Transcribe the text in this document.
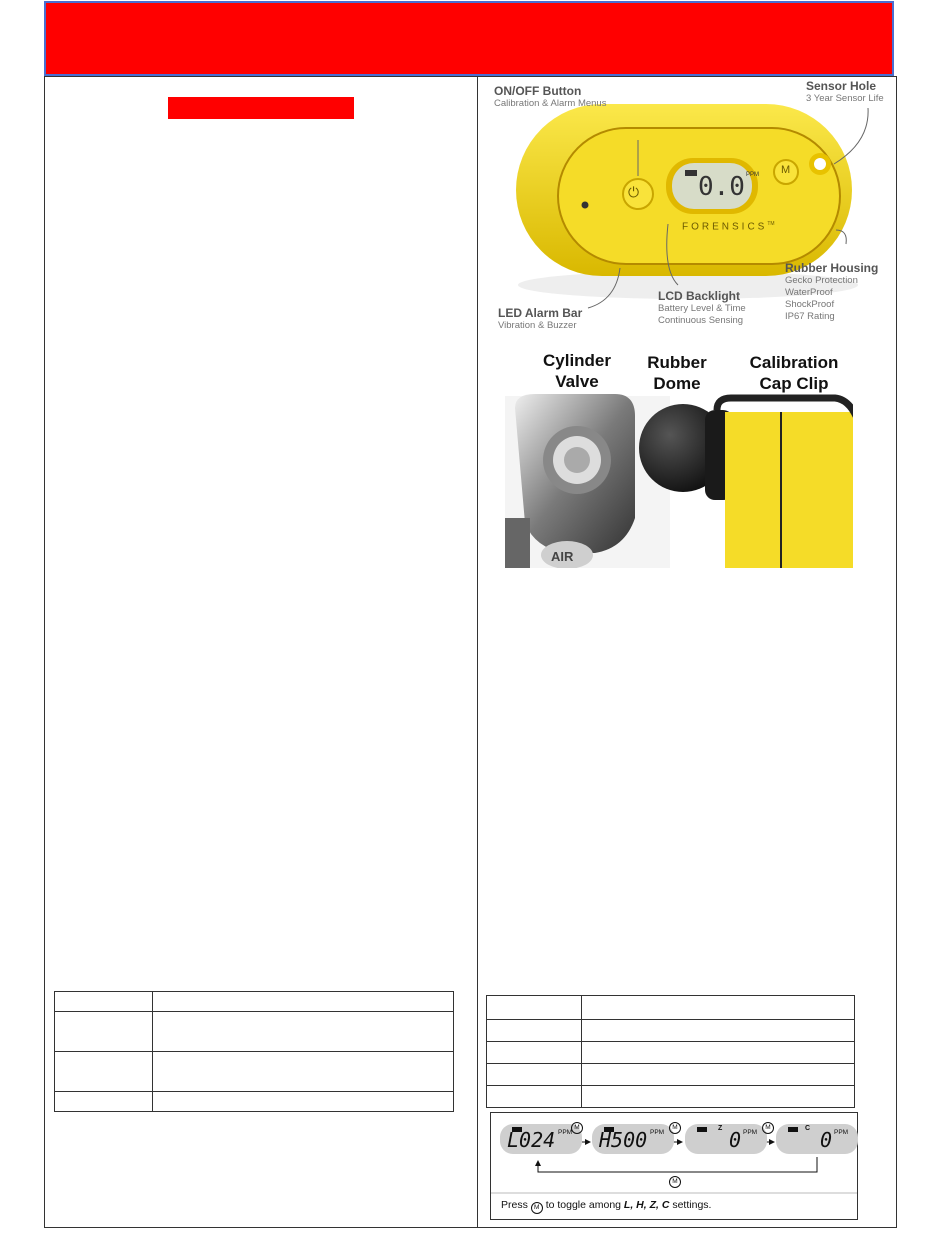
0.0 PPM
FORENSICS™
⏻
M
ON/OFF Button
Calibration & Alarm Menus
Sensor Hole
3 Year Sensor Life
Rubber Housing
Gecko Protection
WaterProof
ShockProof
IP67 Rating
LCD Backlight
Battery Level & Time
Continuous Sensing
LED Alarm Bar
Vibration & Buzzer
Cylinder
Valve
Rubber
Dome
Calibration
Cap Clip
AIR

L024 PPM
M
H500 PPM
M	Z 0 PPM
M	C 0 PPM
M
Press M to toggle among L, H, Z, C settings.
